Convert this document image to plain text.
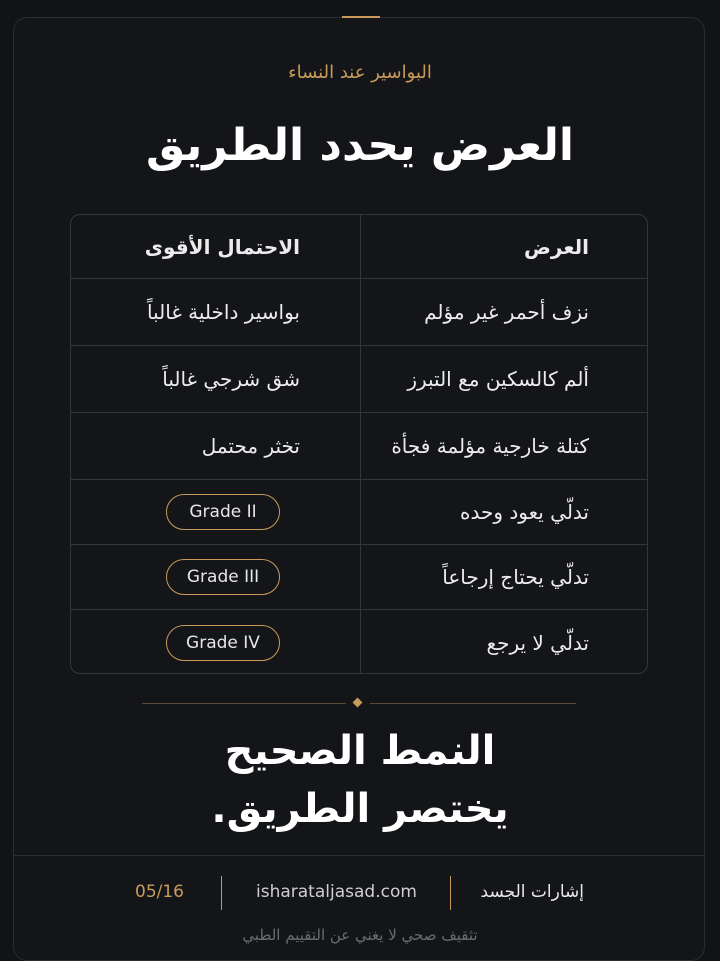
البواسير عند النساء
العرض يحدد الطريق
العرض
الاحتمال الأقوى
نزف أحمر غير مؤلم
بواسير داخلية غالباً
ألم كالسكين مع التبرز
شق شرجي غالباً
كتلة خارجية مؤلمة فجأة
تخثر محتمل
تدلّي يعود وحده
Grade II
تدلّي يحتاج إرجاعاً
Grade III
تدلّي لا يرجع
Grade IV
النمط الصحيح
يختصر الطريق.
إشارات الجسد
isharataljasad.com
05/16
تثقيف صحي لا يغني عن التقييم الطبي
